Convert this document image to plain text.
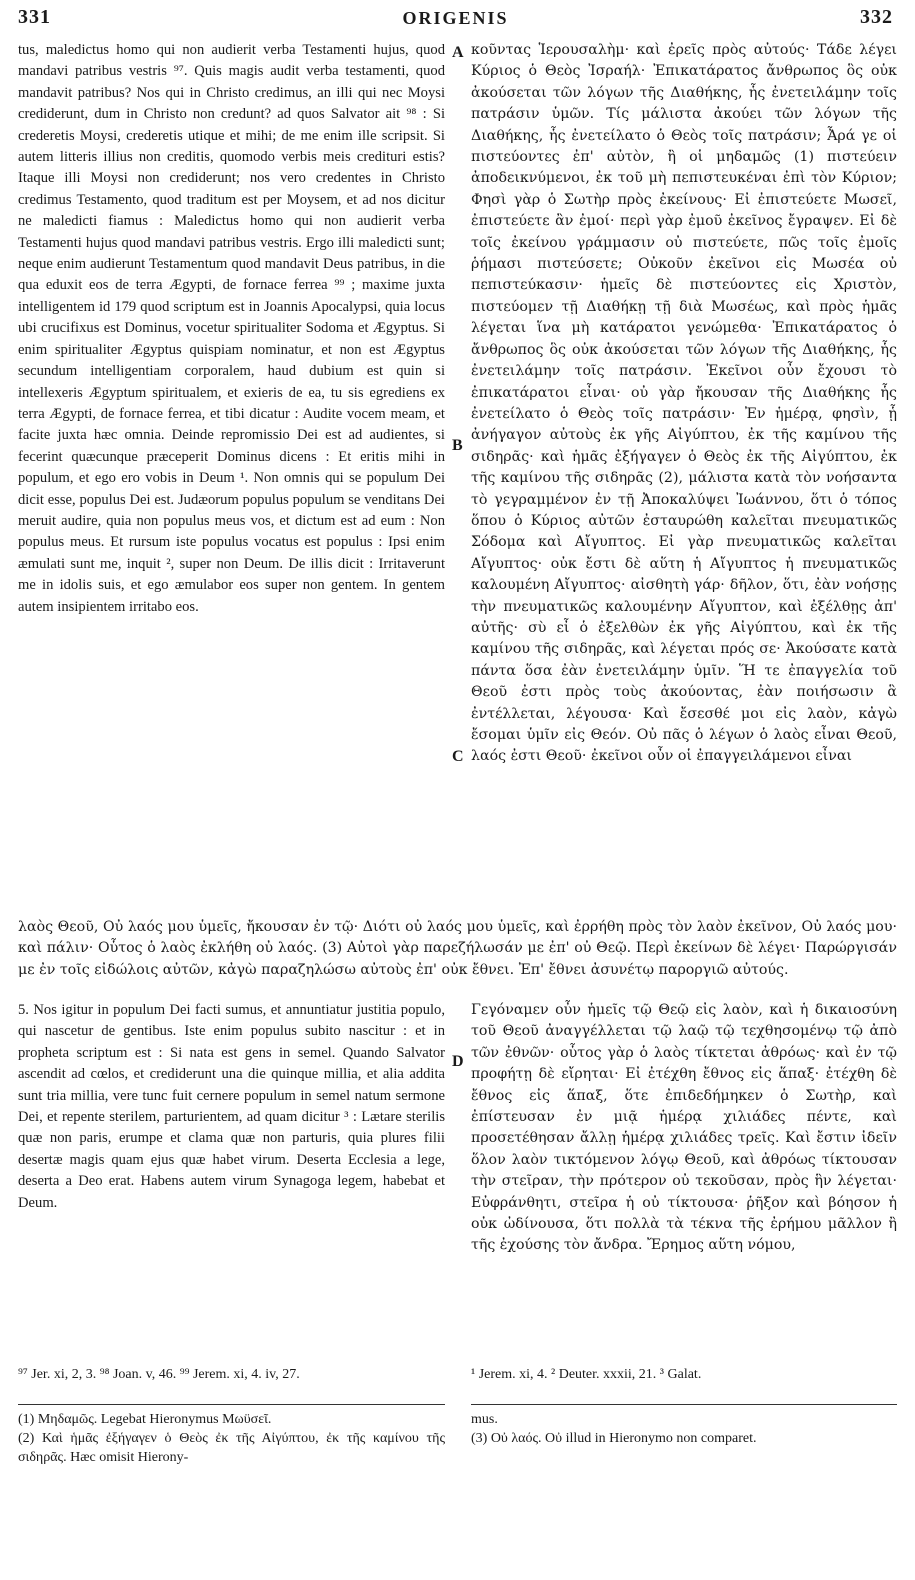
331	ORIGENIS	332

tus, maledictus homo qui non audierit verba Testamenti hujus, quod mandavi patribus vestris ⁹⁷. Quis magis audit verba testamenti, quod mandavit patribus? Nos qui in Christo credimus, an illi qui nec Moysi crediderunt, dum in Christo non credunt? ad quos Salvator ait ⁹⁸ : Si crederetis Moysi, crederetis utique et mihi; de me enim ille scripsit. Si autem litteris illius non creditis, quomodo verbis meis credituri estis? Itaque illi Moysi non crediderunt; nos vero credentes in Christo credimus Testamento, quod traditum est per Moysem, et ad nos dicitur ne maledicti fiamus : Maledictus homo qui non audierit verba Testamenti hujus quod mandavi patribus vestris. Ergo illi maledicti sunt; neque enim audierunt Testamentum quod mandavit Deus patribus, in die qua eduxit eos de terra Ægypti, de fornace ferrea ⁹⁹ ; maxime juxta intelligentem id 179 quod scriptum est in Joannis Apocalypsi, quia locus ubi crucifixus est Dominus, vocetur spiritualiter Sodoma et Ægyptus. Si enim spiritualiter Ægyptus quispiam nominatur, et non est Ægyptus secundum intelligentiam corporalem, haud dubium est quin si intellexeris Ægyptum spiritualem, et exieris de ea, tu sis egrediens ex terra Ægypti, de fornace ferrea, et tibi dicatur : Audite vocem meam, et facite juxta hæc omnia. Deinde repromissio Dei est ad audientes, si fecerint quæcunque præceperit Dominus dicens : Et eritis mihi in populum, et ego ero vobis in Deum ¹. Non omnis qui se populum Dei dicit esse, populus Dei est. Judæorum populus populum se venditans Dei meruit audire, quia non populus meus vos, et dictum est ad eum : Non populus meus. Et rursum iste populus vocatus est populus : Ipsi enim æmulati sunt me, inquit ², super non Deum. De illis dicit : Irritaverunt me in idolis suis, et ego æmulabor eos super non gentem. In gentem autem insipientem irritabo eos.

A
B
C
D

κοῦντας Ἱερουσαλὴμ· καὶ ἐρεῖς πρὸς αὐτούς· Τάδε λέγει Κύριος ὁ Θεὸς Ἰσραήλ· Ἐπικατάρατος ἄνθρωπος ὃς οὐκ ἀκούσεται τῶν λόγων τῆς Διαθήκης, ἧς ἐνετειλάμην τοῖς πατράσιν ὑμῶν. Τίς μάλιστα ἀκούει τῶν λόγων τῆς Διαθήκης, ἧς ἐνετείλατο ὁ Θεὸς τοῖς πατράσιν; Ἆρά γε οἱ πιστεύοντες ἐπ' αὐτὸν, ἢ οἱ μηδαμῶς (1) πιστεύειν ἀποδεικνύμενοι, ἐκ τοῦ μὴ πεπιστευκέναι ἐπὶ τὸν Κύριον; Φησὶ γὰρ ὁ Σωτὴρ πρὸς ἐκείνους· Εἰ ἐπιστεύετε Μωσεῖ, ἐπιστεύετε ἂν ἐμοί· περὶ γὰρ ἐμοῦ ἐκεῖνος ἔγραψεν. Εἰ δὲ τοῖς ἐκείνου γράμμασιν οὐ πιστεύετε, πῶς τοῖς ἐμοῖς ῥήμασι πιστεύσετε; Οὐκοῦν ἐκεῖνοι εἰς Μωσέα οὐ πεπιστεύκασιν· ἡμεῖς δὲ πιστεύοντες εἰς Χριστὸν, πιστεύομεν τῇ Διαθήκῃ τῇ διὰ Μωσέως, καὶ πρὸς ἡμᾶς λέγεται ἵνα μὴ κατάρατοι γενώμεθα· Ἐπικατάρατος ὁ ἄνθρωπος ὃς οὐκ ἀκούσεται τῶν λόγων τῆς Διαθήκης, ἧς ἐνετειλάμην τοῖς πατράσιν. Ἐκεῖνοι οὖν ἔχουσι τὸ ἐπικατάρατοι εἶναι· οὐ γὰρ ἤκουσαν τῆς Διαθήκης ἧς ἐνετείλατο ὁ Θεὸς τοῖς πατράσιν· Ἐν ἡμέρᾳ, φησὶν, ᾗ ἀνήγαγον αὐτοὺς ἐκ γῆς Αἰγύπτου, ἐκ τῆς καμίνου τῆς σιδηρᾶς· καὶ ἡμᾶς ἐξήγαγεν ὁ Θεὸς ἐκ τῆς Αἰγύπτου, ἐκ τῆς καμίνου τῆς σιδηρᾶς (2), μάλιστα κατὰ τὸν νοήσαντα τὸ γεγραμμένον ἐν τῇ Ἀποκαλύψει Ἰωάννου, ὅτι ὁ τόπος ὅπου ὁ Κύριος αὐτῶν ἐσταυρώθη καλεῖται πνευματικῶς Σόδομα καὶ Αἴγυπτος. Εἰ γὰρ πνευματικῶς καλεῖται Αἴγυπτος· οὐκ ἔστι δὲ αὕτη ἡ Αἴγυπτος ἡ πνευματικῶς καλουμένη Αἴγυπτος· αἰσθητὴ γάρ· δῆλον, ὅτι, ἐὰν νοήσῃς τὴν πνευματικῶς καλουμένην Αἴγυπτον, καὶ ἐξέλθῃς ἀπ' αὐτῆς· σὺ εἶ ὁ ἐξελθὼν ἐκ γῆς Αἰγύπτου, καὶ ἐκ τῆς καμίνου τῆς σιδηρᾶς, καὶ λέγεται πρός σε· Ἀκούσατε κατὰ πάντα ὅσα ἐὰν ἐνετειλάμην ὑμῖν. Ἥ τε ἐπαγγελία τοῦ Θεοῦ ἐστι πρὸς τοὺς ἀκούοντας, ἐὰν ποιήσωσιν ἃ ἐντέλλεται, λέγουσα· Καὶ ἔσεσθέ μοι εἰς λαὸν, κἀγὼ ἔσομαι ὑμῖν εἰς Θεόν. Οὐ πᾶς ὁ λέγων ὁ λαὸς εἶναι Θεοῦ, λαός ἐστι Θεοῦ· ἐκεῖνοι οὖν οἱ ἐπαγγειλάμενοι εἶναι

λαὸς Θεοῦ, Οὐ λαός μου ὑμεῖς, ἤκουσαν ἐν τῷ· Διότι οὐ λαός μου ὑμεῖς, καὶ ἐρρήθη πρὸς τὸν λαὸν ἐκεῖνον, Οὐ λαός μου· καὶ πάλιν· Οὗτος ὁ λαὸς ἐκλήθη οὐ λαός. (3) Αὐτοὶ γὰρ παρεζήλωσάν με ἐπ' οὐ Θεῷ. Περὶ ἐκείνων δὲ λέγει· Παρώργισάν με ἐν τοῖς εἰδώλοις αὐτῶν, κἀγὼ παραζηλώσω αὐτοὺς ἐπ' οὐκ ἔθνει. Ἐπ' ἔθνει ἀσυνέτῳ παροργιῶ αὐτούς.

5. Nos igitur in populum Dei facti sumus, et annuntiatur justitia populo, qui nascetur de gentibus. Iste enim populus subito nascitur : et in propheta scriptum est : Si nata est gens in semel. Quando Salvator ascendit ad cœlos, et crediderunt una die quinque millia, et alia addita sunt tria millia, vere tunc fuit cernere populum in semel natum sermone Dei, et repente sterilem, parturientem, ad quam dicitur ³ : Lætare sterilis quæ non paris, erumpe et clama quæ non parturis, quia plures filii desertæ magis quam ejus quæ habet virum. Deserta Ecclesia a lege, deserta a Deo erat. Habens autem virum Synagoga legem, habebat et Deum.

Γεγόναμεν οὖν ἡμεῖς τῷ Θεῷ εἰς λαὸν, καὶ ἡ δικαιοσύνη τοῦ Θεοῦ ἀναγγέλλεται τῷ λαῷ τῷ τεχθησομένῳ τῷ ἀπὸ τῶν ἐθνῶν· οὗτος γὰρ ὁ λαὸς τίκτεται ἀθρόως· καὶ ἐν τῷ προφήτῃ δὲ εἴρηται· Εἰ ἐτέχθη ἔθνος εἰς ἅπαξ· ἐτέχθη δὲ ἔθνος εἰς ἅπαξ, ὅτε ἐπιδεδήμηκεν ὁ Σωτὴρ, καὶ ἐπίστευσαν ἐν μιᾷ ἡμέρᾳ χιλιάδες πέντε, καὶ προσετέθησαν ἄλλῃ ἡμέρᾳ χιλιάδες τρεῖς. Καὶ ἔστιν ἰδεῖν ὅλον λαὸν τικτόμενον λόγῳ Θεοῦ, καὶ ἀθρόως τίκτουσαν τὴν στεῖραν, τὴν πρότερον οὐ τεκοῦσαν, πρὸς ἣν λέγεται· Εὐφράνθητι, στεῖρα ἡ οὐ τίκτουσα· ῥῆξον καὶ βόησον ἡ οὐκ ὠδίνουσα, ὅτι πολλὰ τὰ τέκνα τῆς ἐρήμου μᾶλλον ἢ τῆς ἐχούσης τὸν ἄνδρα. Ἔρημος αὕτη νόμου,

⁹⁷ Jer. xi, 2, 3. ⁹⁸ Joan. v, 46. ⁹⁹ Jerem. xi, 4. iv, 27.	¹ Jerem. xi, 4. ² Deuter. xxxii, 21. ³ Galat.

(1) Μηδαμῶς. Legebat Hieronymus Μωϋσεῖ.

(2) Καὶ ἡμᾶς ἐξήγαγεν ὁ Θεὸς ἐκ τῆς Αἰγύπτου, ἐκ τῆς καμίνου τῆς σιδηρᾶς. Hæc omisit Hierony-

mus.

(3) Οὐ λαός. Οὐ illud in Hieronymo non comparet.
